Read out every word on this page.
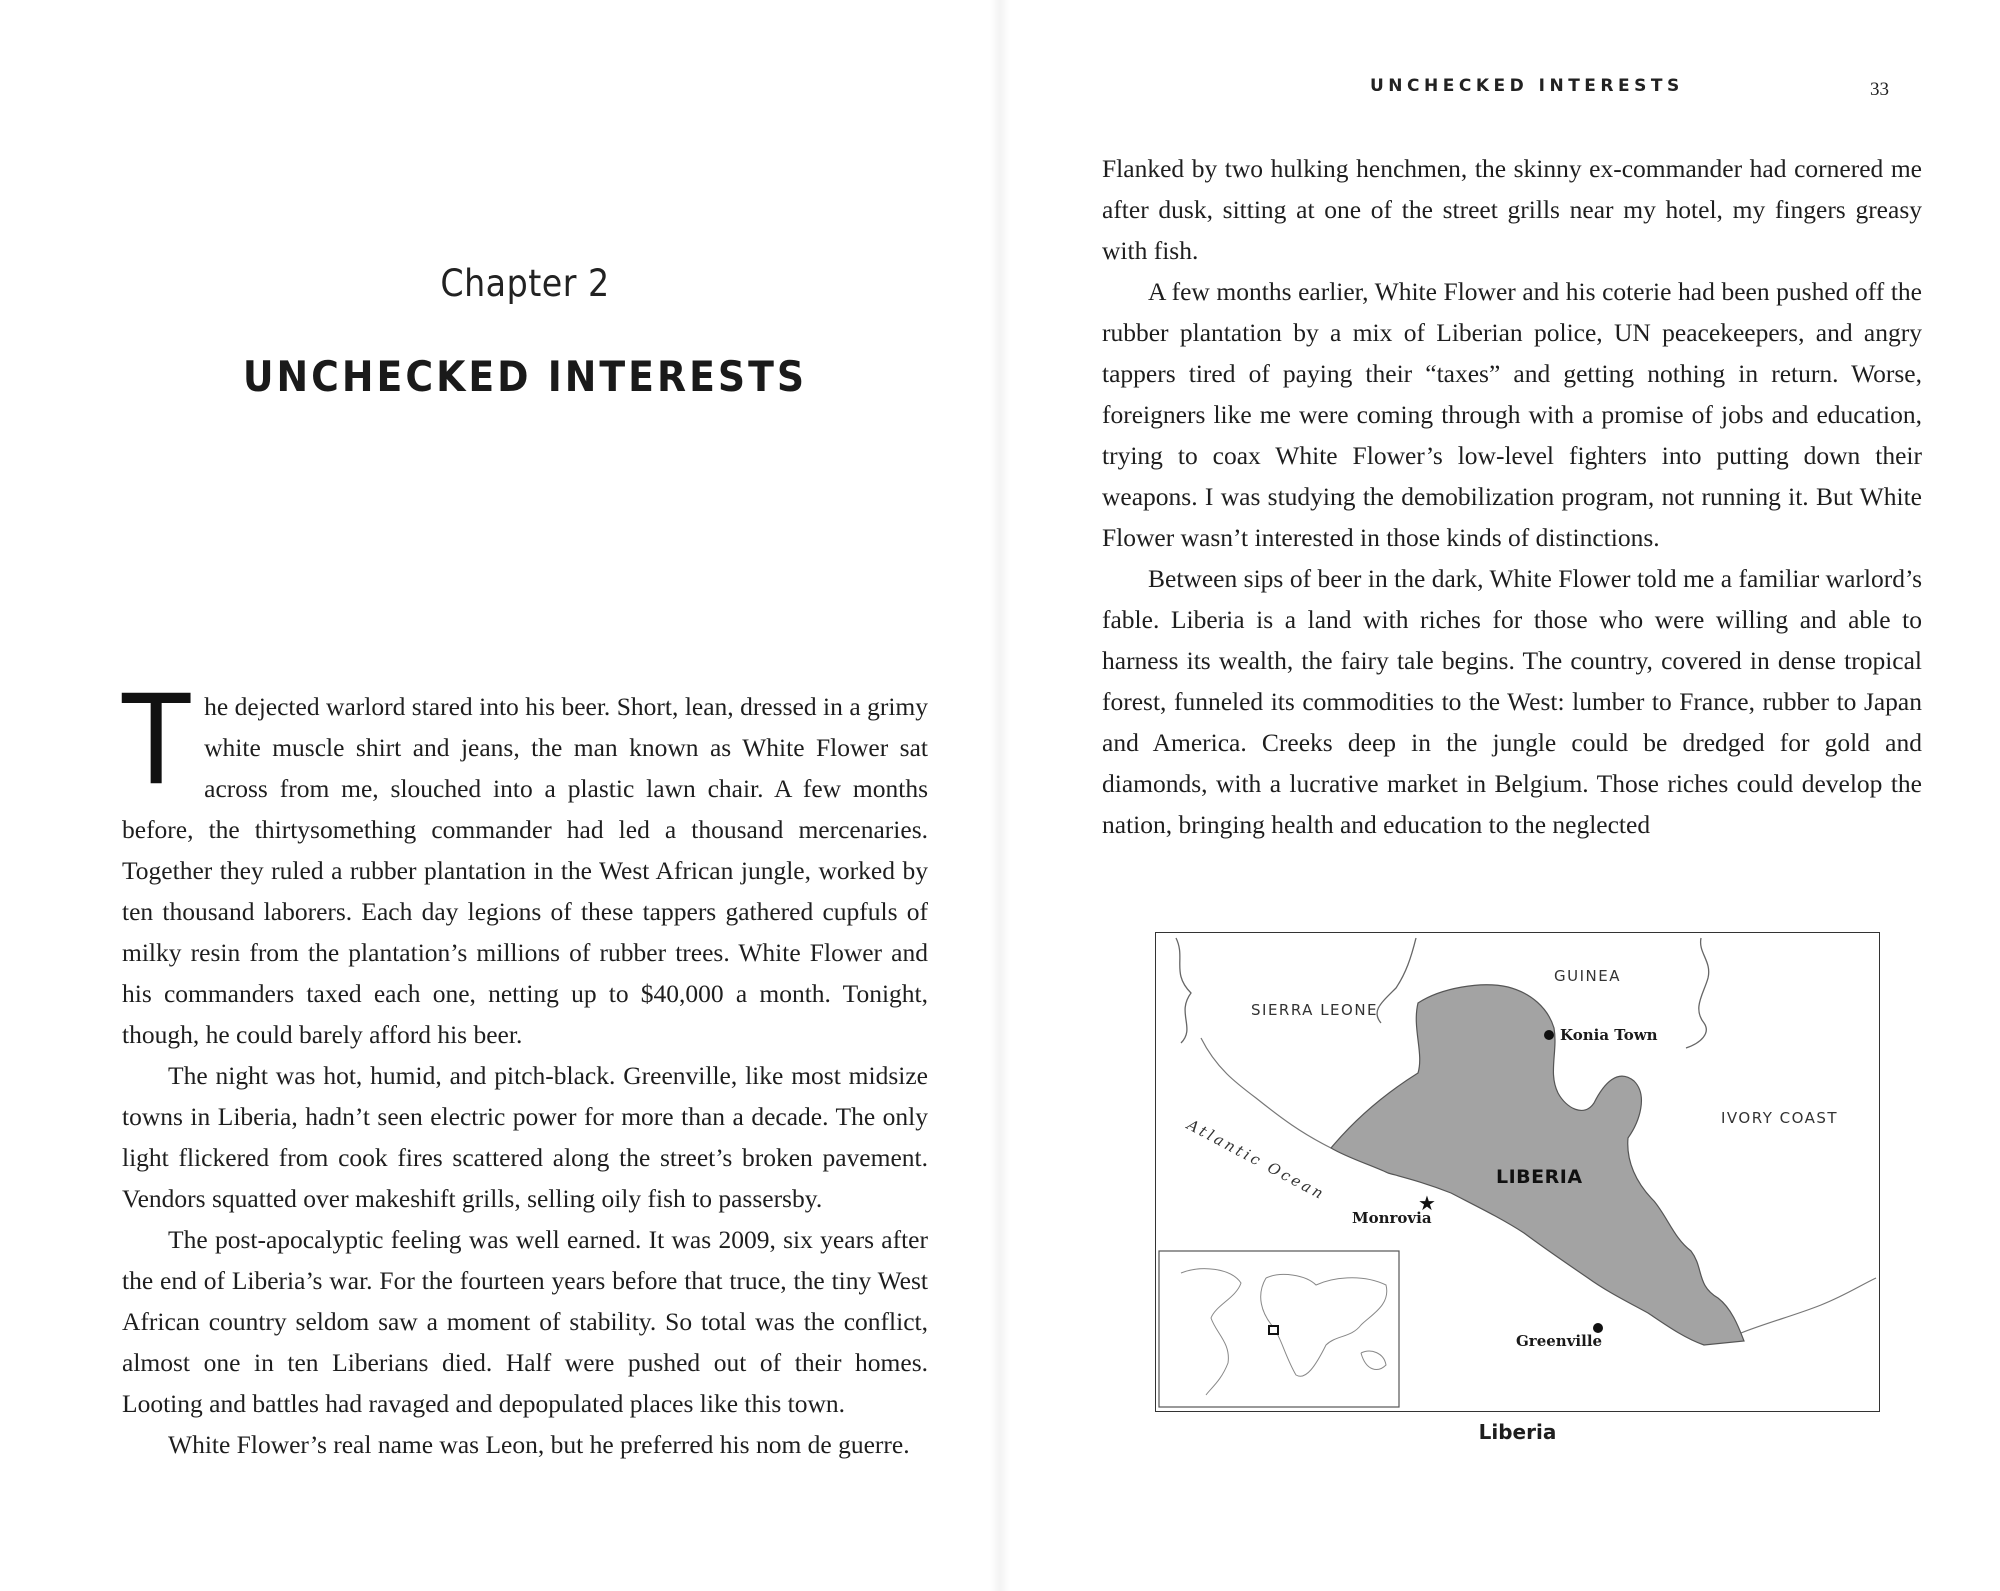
Chapter 2
UNCHECKED INTERESTS

The dejected warlord stared into his beer. Short, lean, dressed in a grimy white muscle shirt and jeans, the man known as White Flower sat across from me, slouched into a plastic lawn chair. A few months before, the thirtysomething commander had led a thousand mercenaries. Together they ruled a rubber plantation in the West African jungle, worked by ten thousand laborers. Each day legions of these tappers gathered cupfuls of milky resin from the plantation’s millions of rubber trees. White Flower and his commanders taxed each one, netting up to $40,000 a month. Tonight, though, he could barely afford his beer.

The night was hot, humid, and pitch-black. Greenville, like most midsize towns in Liberia, hadn’t seen electric power for more than a decade. The only light flickered from cook fires scattered along the street’s broken pavement. Vendors squatted over makeshift grills, selling oily fish to passersby.

The post-apocalyptic feeling was well earned. It was 2009, six years after the end of Liberia’s war. For the fourteen years before that truce, the tiny West African country seldom saw a moment of stability. So total was the conflict, almost one in ten Liberians died. Half were pushed out of their homes. Looting and battles had ravaged and depopulated places like this town.

White Flower’s real name was Leon, but he preferred his nom de guerre.

UNCHECKED INTERESTS	33

Flanked by two hulking henchmen, the skinny ex-commander had cornered me after dusk, sitting at one of the street grills near my hotel, my fingers greasy with fish.

A few months earlier, White Flower and his coterie had been pushed off the rubber plantation by a mix of Liberian police, UN peacekeepers, and angry tappers tired of paying their “taxes” and getting nothing in return. Worse, foreigners like me were coming through with a promise of jobs and education, trying to coax White Flower’s low-level fighters into putting down their weapons. I was studying the demobilization program, not running it. But White Flower wasn’t interested in those kinds of distinctions.

Between sips of beer in the dark, White Flower told me a familiar warlord’s fable. Liberia is a land with riches for those who were willing and able to harness its wealth, the fairy tale begins. The country, covered in dense tropical forest, funneled its commodities to the West: lumber to France, rubber to Japan and America. Creeks deep in the jungle could be dredged for gold and diamonds, with a lucrative market in Belgium. Those riches could develop the nation, bringing health and education to the neglected

GUINEA
SIERRA LEONE
IVORY COAST
LIBERIA
Atlantic Ocean
Konia Town
★
Monrovia
Greenville
Liberia
